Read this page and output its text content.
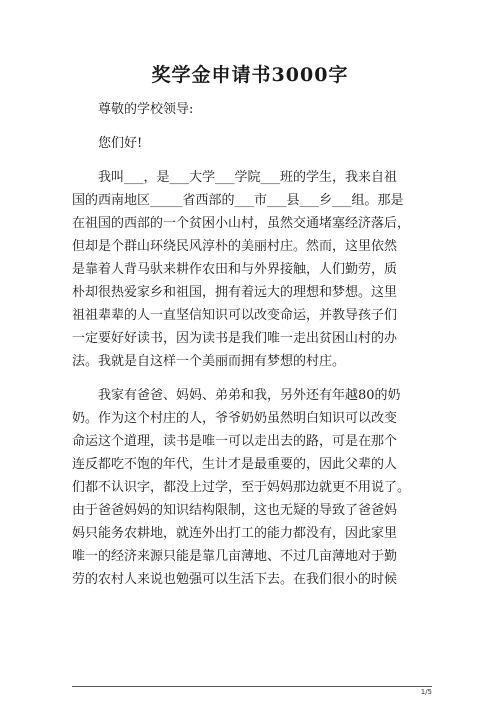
奖学金申请书3000字
尊敬的学校领导:
您们好!
我叫___，是___大学___学院___班的学生，我来自祖
国的西南地区_____省西部的___市___县___乡___组。那是
在祖国的西部的一个贫困小山村，虽然交通堵塞经济落后，
但却是个群山环绕民风淳朴的美丽村庄。然而，这里依然
是靠着人背马驮来耕作农田和与外界接触，人们勤劳，质
朴却很热爱家乡和祖国，拥有着远大的理想和梦想。这里
祖祖辈辈的人一直坚信知识可以改变命运，并教导孩子们
一定要好好读书，因为读书是我们唯一走出贫困山村的办
法。我就是自这样一个美丽而拥有梦想的村庄。
我家有爸爸、妈妈、弟弟和我，另外还有年越80的奶
奶。作为这个村庄的人，爷爷奶奶虽然明白知识可以改变
命运这个道理，读书是唯一可以走出去的路，可是在那个
连反都吃不饱的年代，生计才是最重要的，因此父辈的人
们都不认识字，都没上过学，至于妈妈那边就更不用说了。
由于爸爸妈妈的知识结构限制，这也无疑的导致了爸爸妈
妈只能务农耕地，就连外出打工的能力都没有，因此家里
唯一的经济来源只能是靠几亩薄地、不过几亩薄地对于勤
劳的农村人来说也勉强可以生活下去。在我们很小的时候
1/5
